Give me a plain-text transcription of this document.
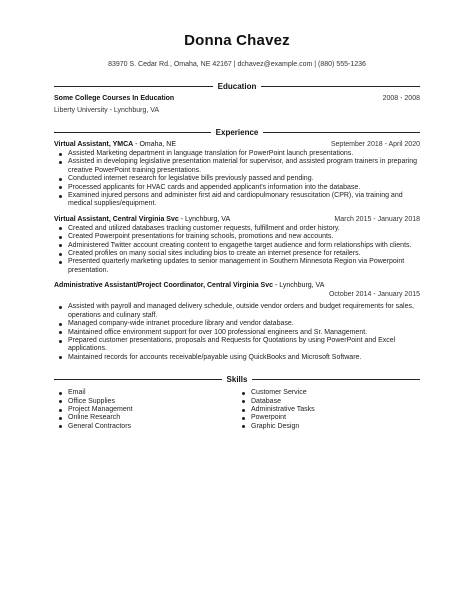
Donna Chavez
83970 S. Cedar Rd., Omaha, NE 42167 | dchavez@example.com | (880) 555-1236
Education
Some College Courses In Education	2008 - 2008
Liberty University - Lynchburg, VA
Experience
Virtual Assistant, YMCA - Omaha, NE	September 2018 - April 2020
Assisted Marketing department in language translation for PowerPoint launch presentations.
Assisted in developing legislative presentation material for supervisor, and assisted program trainers in preparing creative PowerPoint training presentations.
Conducted internet research for legislative bills previously passed and pending.
Processed applicants for HVAC cards and appended applicant's information into the database.
Examined injured persons and administer first aid and cardiopulmonary resuscitation (CPR), via training and medical supplies/equipment.
Virtual Assistant, Central Virginia Svc - Lynchburg, VA	March 2015 - January 2018
Created and utilized databases tracking customer requests, fulfillment and order history.
Created Powerpoint presentations for training schools, promotions and new accounts.
Administered Twitter account creating content to engagethe target audience and form relationships with clients.
Created profiles on many social sites including bios to create an internet presence for retailers.
Presented quarterly marketing updates to senior management in Southern Minnesota Region via Powerpoint presentation.
Administrative Assistant/Project Coordinator, Central Virginia Svc - Lynchburg, VA
October 2014 - January 2015
Assisted with payroll and managed delivery schedule, outside vendor orders and budget requirements for sales, operations and culinary staff.
Managed company-wide intranet procedure library and vendor database.
Maintained office environment support for over 100 professional engineers and Sr. Management.
Prepared customer presentations, proposals and Requests for Quotations by using PowerPoint and Excel applications.
Maintained records for accounts receivable/payable using QuickBooks and Microsoft Software.
Skills
Email
Office Supplies
Project Management
Online Research
General Contractors
Customer Service
Database
Administrative Tasks
Powerpoint
Graphic Design
